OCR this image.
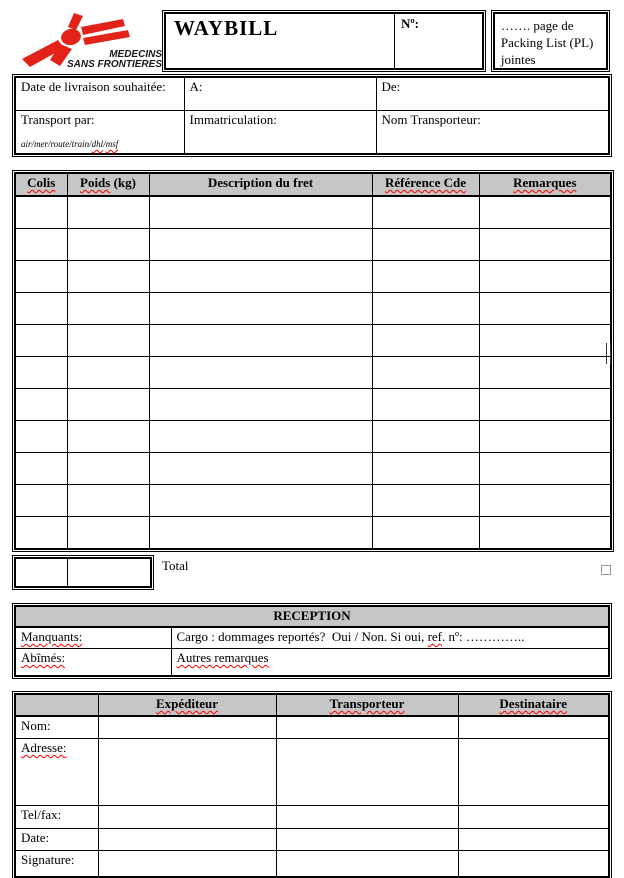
MEDECINS
SANS FRONTIERES
WAYBILL	Nº:	……. page de Packing List (PL) jointes
Date de livraison souhaitée:	A:	De:
Transport par:
air/mer/route/train/dhl/msf	Immatriculation:	Nom Transporteur:
Colis	Poids (kg)	Description du fret	Référence Cde	Remarques

Total
RECEPTION	
Manquants:	Cargo : dommages reportés?  Oui / Non. Si oui, ref. nº: …………..
Abîmés:	Autres remarques
	Expéditeur	Transporteur	Destinataire
Nom:			
Adresse:			
Tel/fax:			
Date:			
Signature:			
